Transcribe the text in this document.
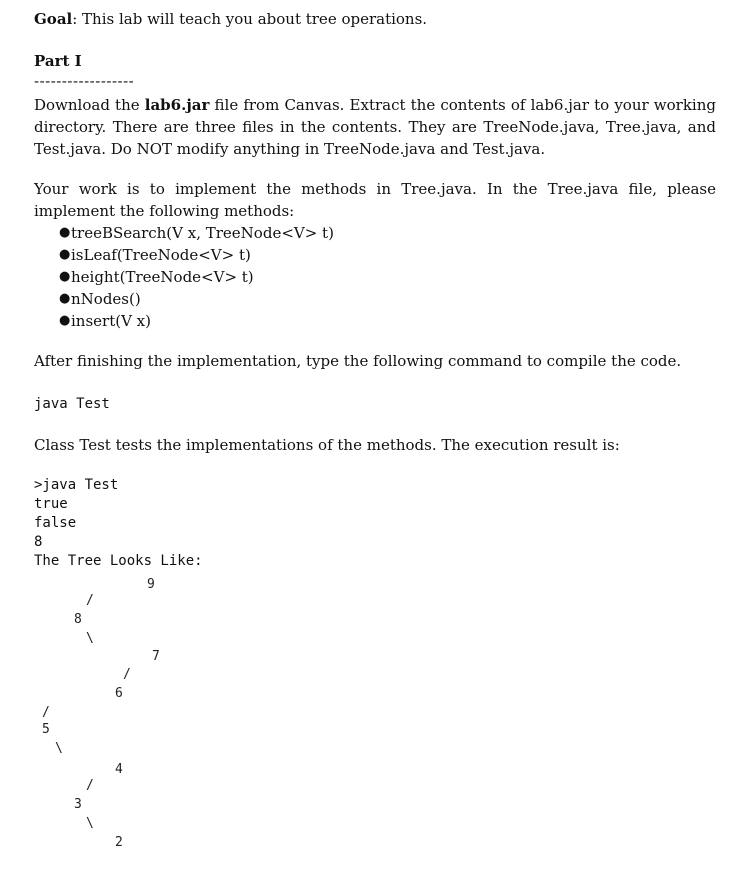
Goal: This lab will teach you about tree operations.

Part I

------------------

Download the lab6.jar file from Canvas. Extract the contents of lab6.jar to your working directory. There are three files in the contents. They are TreeNode.java, Tree.java, and Test.java. Do NOT modify anything in TreeNode.java and Test.java.

Your work is to implement the methods in Tree.java. In the Tree.java file, please implement the following methods:

● treeBSearch(V x, TreeNode<V> t)
● isLeaf(TreeNode<V> t)
● height(TreeNode<V> t)
● nNodes()
● insert(V x)

After finishing the implementation, type the following command to compile the code.

java Test

Class Test tests the implementations of the methods. The execution result is:

>java Test
true
false
8
The Tree Looks Like:
9
8
7
6
5
4
3
2
/
\
/
/
\
/
\
